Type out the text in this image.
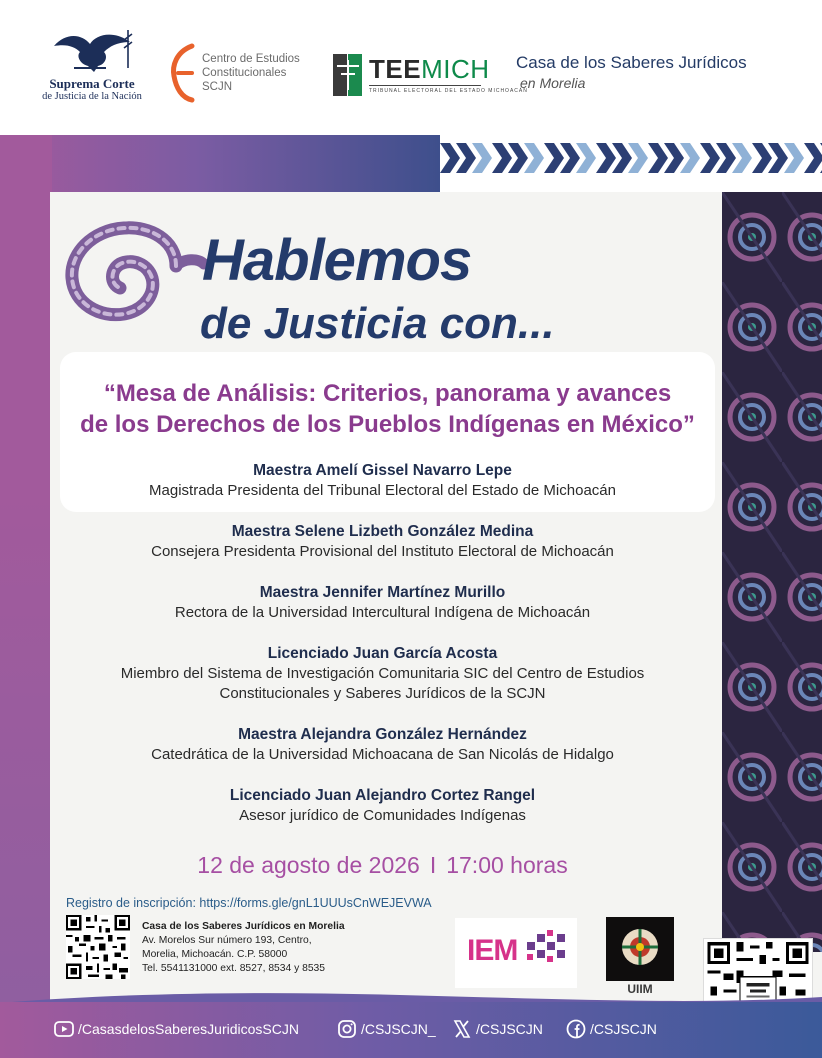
Suprema Corte
de Justicia de la Nación
Centro de Estudios
Constitucionales
SCJN
TEEMICH
TRIBUNAL ELECTORAL DEL ESTADO MICHOACÁN
Casa de los Saberes Jurídicos
en Morelia
Hablemos
de Justicia con...
“Mesa de Análisis: Criterios, panorama y avances
de los Derechos de los Pueblos Indígenas en México”
Maestra Amelí Gissel Navarro Lepe
Magistrada Presidenta del Tribunal Electoral del Estado de Michoacán
Maestra Selene Lizbeth González Medina
Consejera Presidenta Provisional del Instituto Electoral de Michoacán
Maestra Jennifer Martínez Murillo
Rectora de la Universidad Intercultural Indígena de Michoacán
Licenciado Juan García Acosta
Miembro del Sistema de Investigación Comunitaria SIC del Centro de Estudios
Constitucionales y Saberes Jurídicos de la SCJN
Maestra Alejandra González Hernández
Catedrática de la Universidad Michoacana de San Nicolás de Hidalgo
Licenciado Juan Alejandro Cortez Rangel
Asesor jurídico de Comunidades Indígenas
12 de agosto de 2026 I 17:00 horas
Registro de inscripción: https://forms.gle/gnL1UUUsCnWEJEVWA
Casa de los Saberes Jurídicos en Morelia
Av. Morelos Sur número 193, Centro,
Morelia, Michoacán. C.P. 58000
Tel. 5541131000 ext. 8527, 8534 y 8535
IEM
UIIM
/CasasdelosSaberesJuridicosSCJN	/CSJSCJN_	/CSJSCJN	/CSJSCJN
